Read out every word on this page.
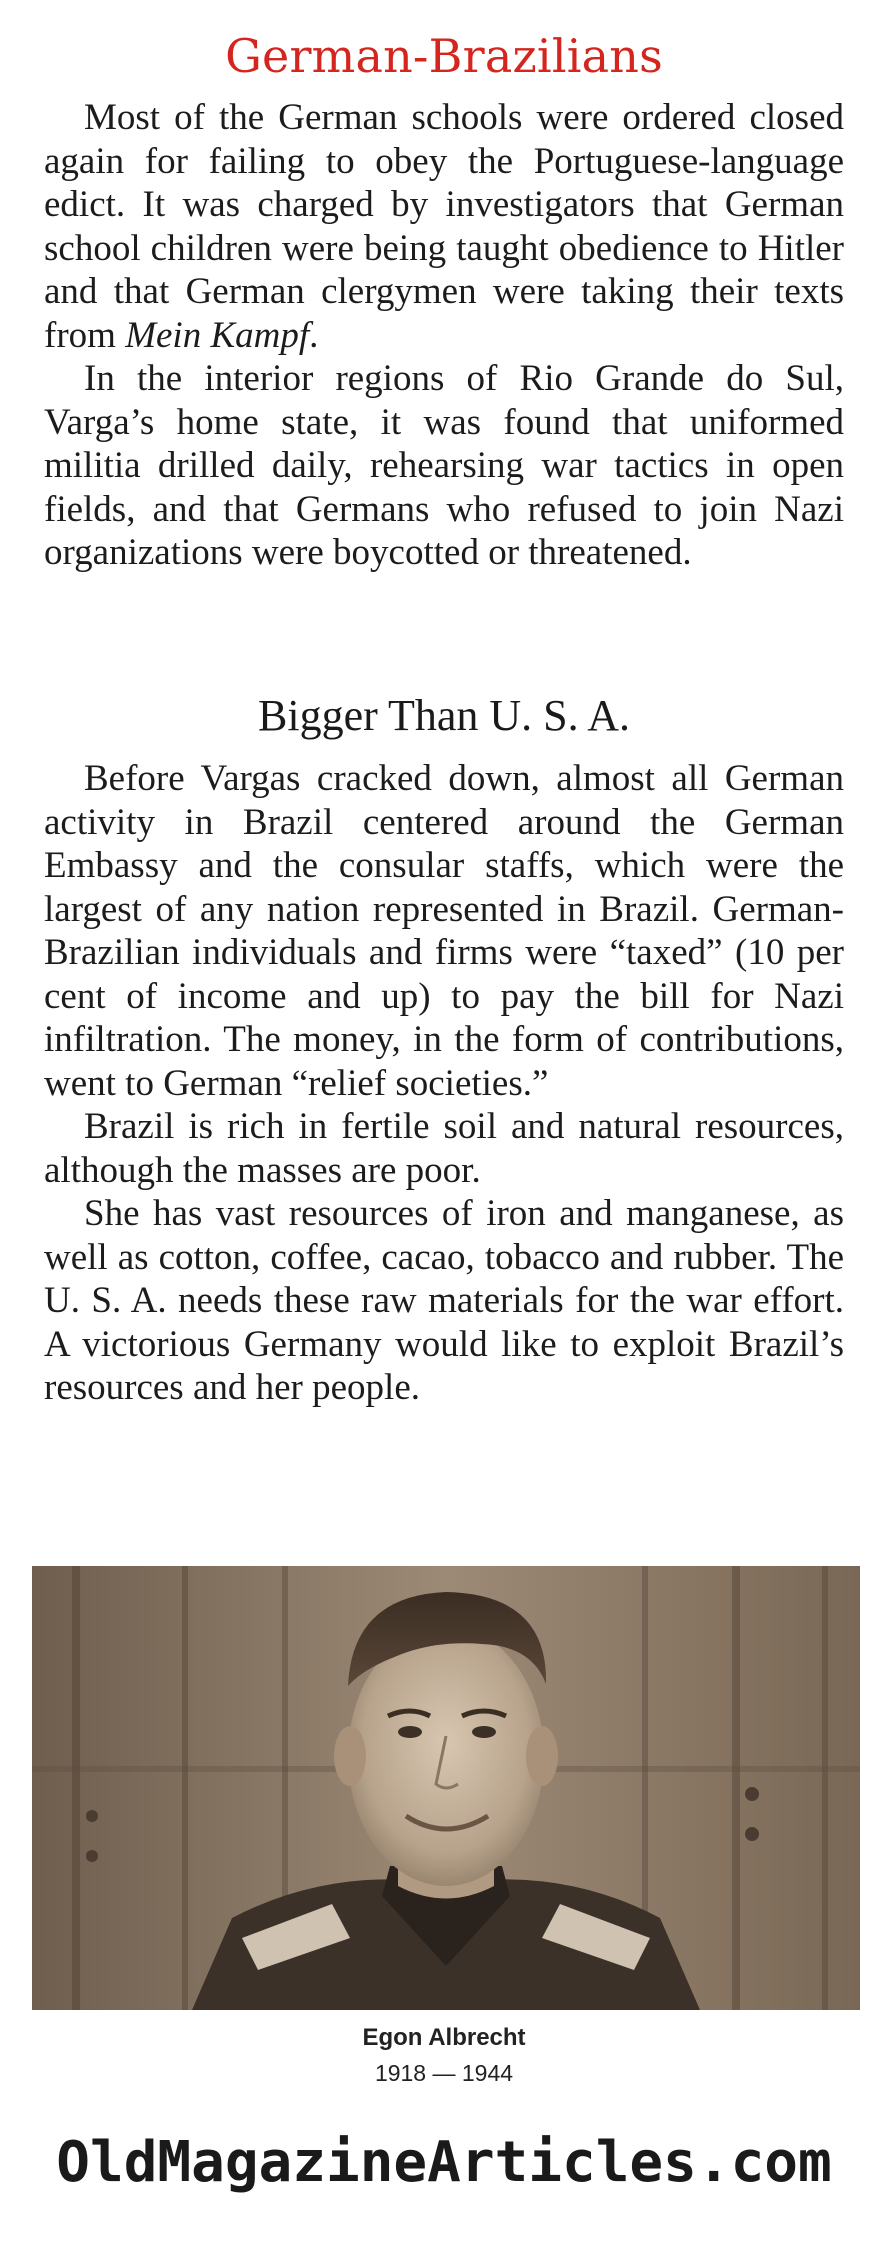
German-Brazilians

Most of the German schools were ordered closed again for failing to obey the Portuguese-language edict. It was charged by investigators that German school children were being taught obedience to Hitler and that German clergymen were taking their texts from Mein Kampf.

In the interior regions of Rio Grande do Sul, Varga’s home state, it was found that uniformed militia drilled daily, rehearsing war tactics in open fields, and that Germans who refused to join Nazi organizations were boycotted or threatened.

Bigger Than U. S. A.

Before Vargas cracked down, almost all German activity in Brazil centered around the German Embassy and the consular staffs, which were the largest of any nation represented in Brazil. German-Brazilian individuals and firms were “taxed” (10 per cent of income and up) to pay the bill for Nazi infiltration. The money, in the form of contributions, went to German “relief societies.”

Brazil is rich in fertile soil and natural resources, although the masses are poor.

She has vast resources of iron and manganese, as well as cotton, coffee, cacao, tobacco and rubber. The U. S. A. needs these raw materials for the war effort. A victorious Germany would like to exploit Brazil’s resources and her people.

Egon Albrecht
1918 — 1944
OldMagazineArticles.com
